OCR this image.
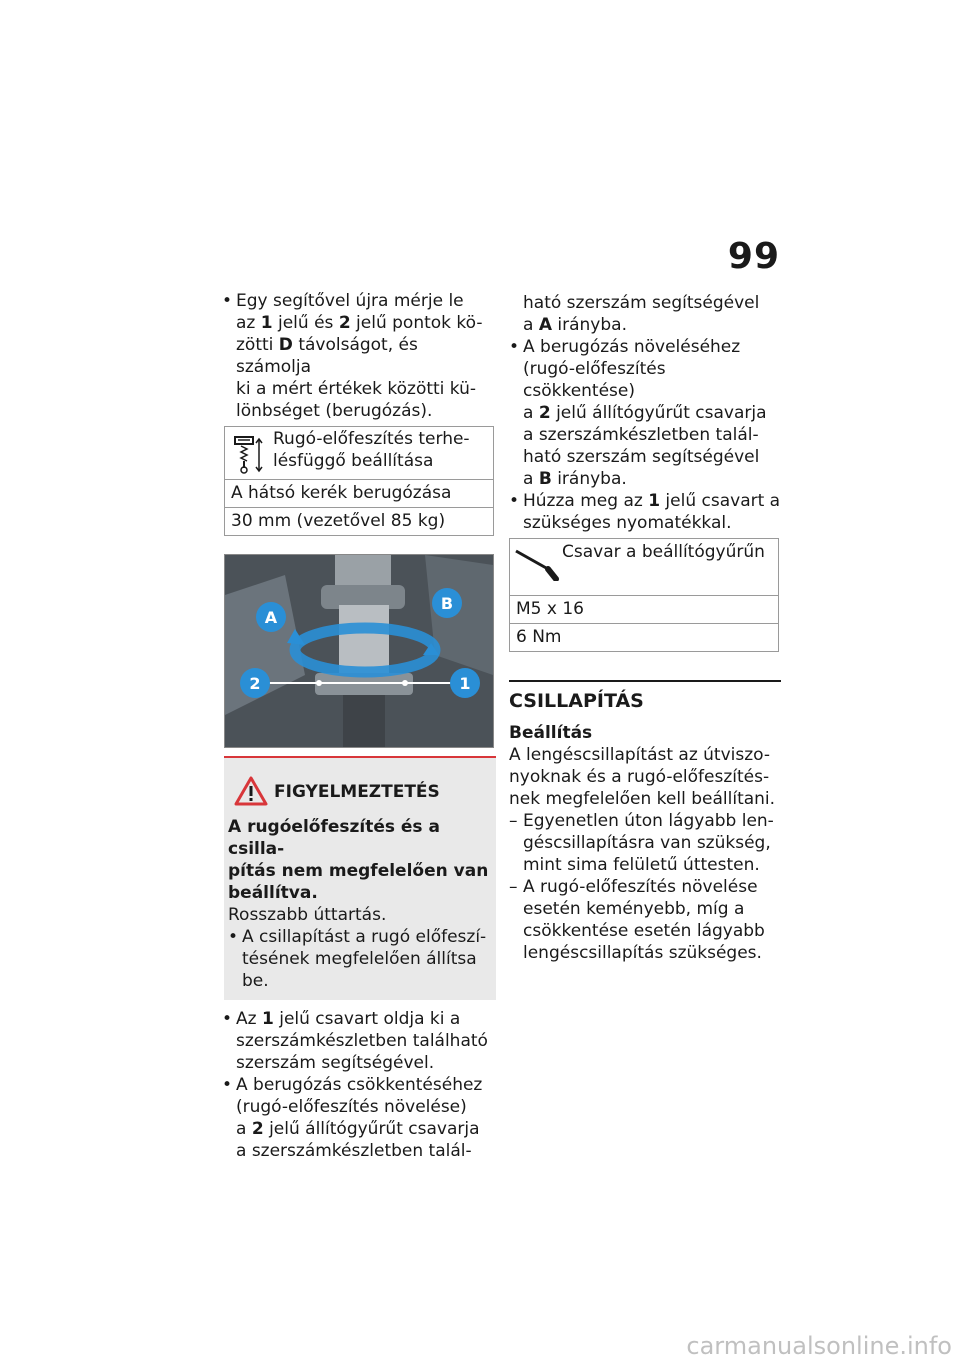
99

• Egy segítővel újra mérje le
az 1 jelű és 2 jelű pontok kö-
zötti D távolságot, és számolja
ki a mért értékek közötti kü-
lönbséget (berugózás).

Rugó-előfeszítés terhe-
lésfüggő beállítása
A hátsó kerék berugózása
30 mm (vezetővel 85 kg)
A
B
1
2
FIGYELMEZTETÉS

A rugóelőfeszítés és a csilla-
pítás nem megfelelően van
beállítva.

Rosszabb úttartás.

• A csillapítást a rugó előfeszí-
tésének megfelelően állítsa
be.

• Az 1 jelű csavart oldja ki a
szerszámkészletben található
szerszám segítségével.

• A berugózás csökkentéséhez
(rugó-előfeszítés növelése)
a 2 jelű állítógyűrűt csavarja
a szerszámkészletben talál-

ható szerszám segítségével
a A irányba.

• A berugózás növeléséhez
(rugó-előfeszítés csökkentése)
a 2 jelű állítógyűrűt csavarja
a szerszámkészletben talál-
ható szerszám segítségével
a B irányba.

• Húzza meg az 1 jelű csavart a
szükséges nyomatékkal.

Csavar a beállítógyűrűn
M5 x 16
6 Nm
CSILLAPÍTÁS
Beállítás

A lengéscsillapítást az útviszo-
nyoknak és a rugó-előfeszítés-
nek megfelelően kell beállítani.

– Egyenetlen úton lágyabb len-
géscsillapításra van szükség,
mint sima felületű úttesten.

– A rugó-előfeszítés növelése
esetén keményebb, míg a
csökkentése esetén lágyabb
lengéscsillapítás szükséges.

carmanualsonline.info
